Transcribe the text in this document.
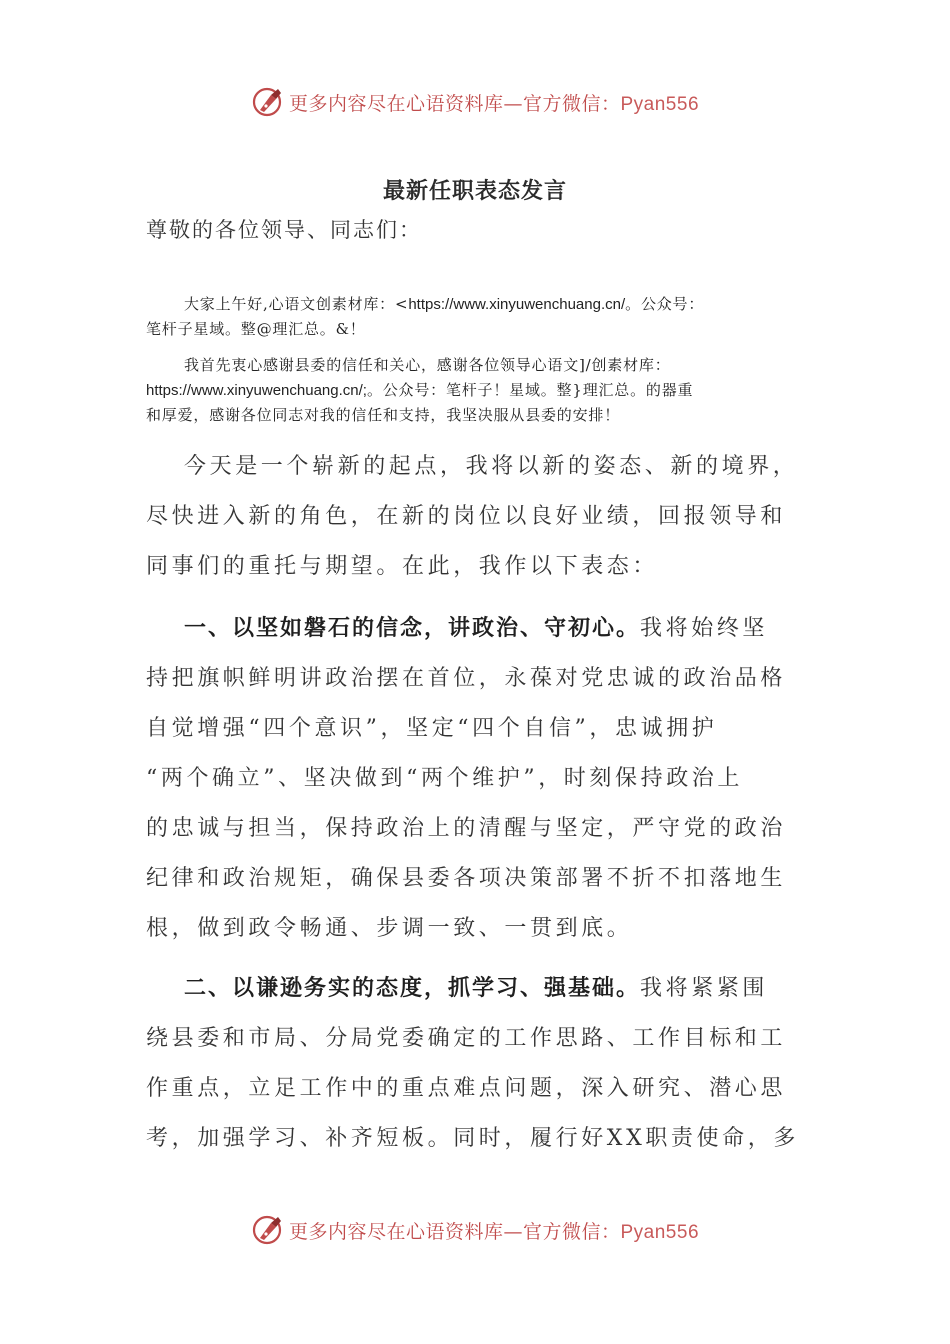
更多内容尽在心语资料库—官方微信：Pyan556
最新任职表态发言
尊敬的各位领导、同志们：
大家上午好,心语文创素材库：<https://www.xinyuwenchuang.cn/。公众号：
笔杆子星域。整@理汇总。&！
我首先衷心感谢县委的信任和关心，感谢各位领导心语文]/创素材库：
https://www.xinyuwenchuang.cn/;。公众号：笔杆子！星域。整}理汇总。的器重
和厚爱，感谢各位同志对我的信任和支持，我坚决服从县委的安排！
今天是一个崭新的起点，我将以新的姿态、新的境界，
尽快进入新的角色，在新的岗位以良好业绩，回报领导和
同事们的重托与期望。在此，我作以下表态：
一、以坚如磐石的信念，讲政治、守初心。我将始终坚
持把旗帜鲜明讲政治摆在首位，永葆对党忠诚的政治品格
自觉增强“四个意识”，坚定“四个自信”，忠诚拥护
“两个确立”、坚决做到“两个维护”，时刻保持政治上
的忠诚与担当，保持政治上的清醒与坚定，严守党的政治
纪律和政治规矩，确保县委各项决策部署不折不扣落地生
根，做到政令畅通、步调一致、一贯到底。
二、以谦逊务实的态度，抓学习、强基础。我将紧紧围
绕县委和市局、分局党委确定的工作思路、工作目标和工
作重点，立足工作中的重点难点问题，深入研究、潜心思
考，加强学习、补齐短板。同时，履行好XX职责使命，多
更多内容尽在心语资料库—官方微信：Pyan556
